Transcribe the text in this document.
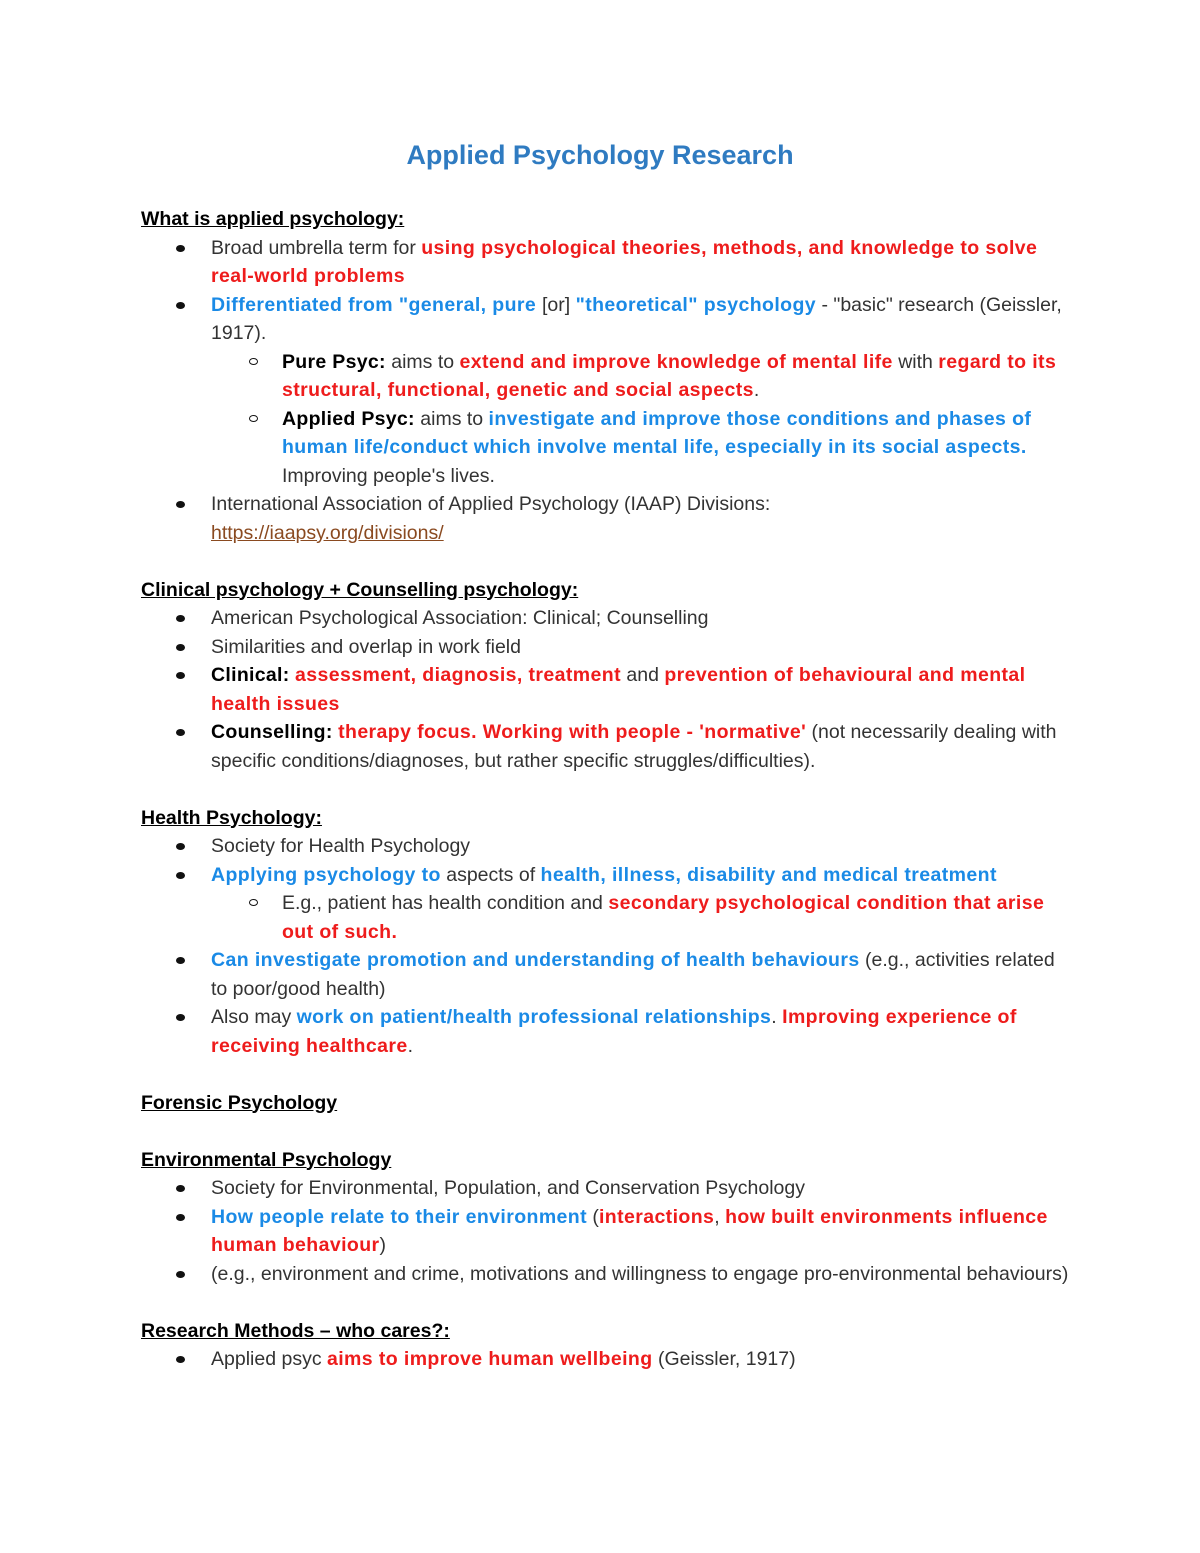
Applied Psychology Research
What is applied psychology:
Broad umbrella term for using psychological theories, methods, and knowledge to solve real-world problems
Differentiated from "general, pure [or] "theoretical" psychology - "basic" research (Geissler, 1917).
Pure Psyc: aims to extend and improve knowledge of mental life with regard to its structural, functional, genetic and social aspects.
Applied Psyc: aims to investigate and improve those conditions and phases of human life/conduct which involve mental life, especially in its social aspects. Improving people's lives.
International Association of Applied Psychology (IAAP) Divisions:
https://iaapsy.org/divisions/
Clinical psychology + Counselling psychology:
American Psychological Association: Clinical; Counselling
Similarities and overlap in work field
Clinical: assessment, diagnosis, treatment and prevention of behavioural and mental health issues
Counselling: therapy focus. Working with people - 'normative' (not necessarily dealing with specific conditions/diagnoses, but rather specific struggles/difficulties).
Health Psychology:
Society for Health Psychology
Applying psychology to aspects of health, illness, disability and medical treatment
E.g., patient has health condition and secondary psychological condition that arise out of such.
Can investigate promotion and understanding of health behaviours (e.g., activities related to poor/good health)
Also may work on patient/health professional relationships. Improving experience of receiving healthcare.
Forensic Psychology
Environmental Psychology
Society for Environmental, Population, and Conservation Psychology
How people relate to their environment (interactions, how built environments influence human behaviour)
(e.g., environment and crime, motivations and willingness to engage pro-environmental behaviours)
Research Methods – who cares?:
Applied psyc aims to improve human wellbeing (Geissler, 1917)
